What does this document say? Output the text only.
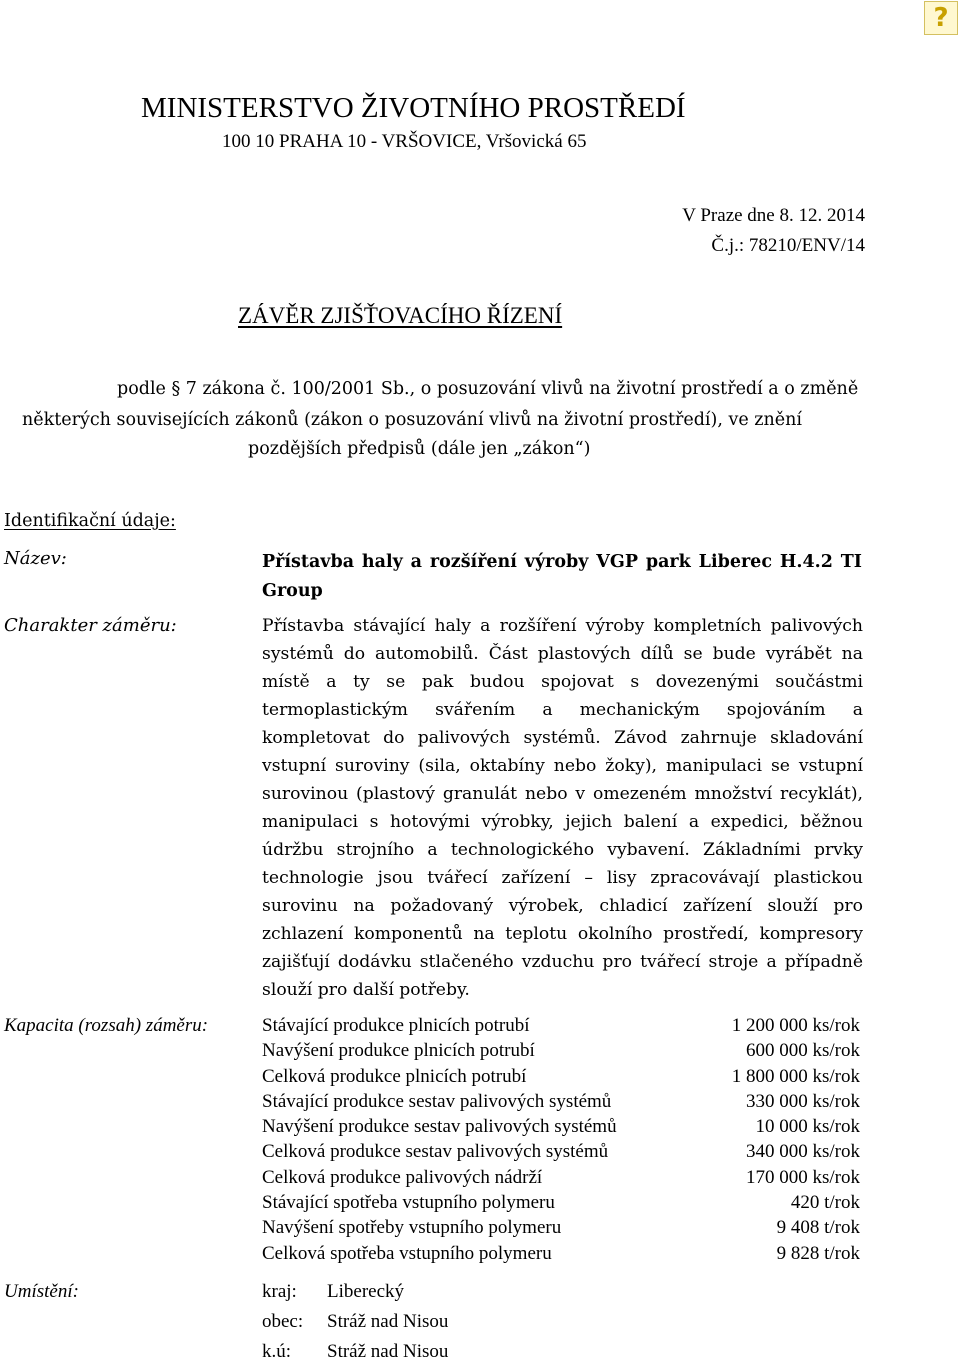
?
MINISTERSTVO ŽIVOTNÍHO PROSTŘEDÍ
100 10 PRAHA 10 - VRŠOVICE, Vršovická 65
V Praze dne 8. 12. 2014
Č.j.: 78210/ENV/14
ZÁVĚR ZJIŠŤOVACÍHO ŘÍZENÍ
podle § 7 zákona č. 100/2001 Sb., o posuzování vlivů na životní prostředí a o změně
některých souvisejících zákonů (zákon o posuzování vlivů na životní prostředí), ve znění
pozdějších předpisů (dále jen „zákon“)
Identifikační údaje:
Název:	Přístavba haly a rozšíření výroby VGP park Liberec H.4.2 TI Group
Charakter záměru:	Přístavba stávající haly a rozšíření výroby kompletních palivových systémů do automobilů. Část plastových dílů se bude vyrábět na místě a ty se pak budou spojovat s dovezenými součástmi termoplastickým svářením a mechanickým spojováním a kompletovat do palivových systémů. Závod zahrnuje skladování vstupní suroviny (sila, oktabíny nebo žoky), manipulaci se vstupní surovinou (plastový granulát nebo v omezeném množství recyklát), manipulaci s hotovými výrobky, jejich balení a expedici, běžnou údržbu strojního a technologického vybavení. Základními prvky technologie jsou tvářecí zařízení – lisy zpracovávají plastickou surovinu na požadovaný výrobek, chladicí zařízení slouží pro zchlazení komponentů na teplotu okolního prostředí, kompresory zajišťují dodávku stlačeného vzduchu pro tvářecí stroje a případně slouží pro další potřeby.
Kapacita (rozsah) záměru:	Stávající produkce plnicích potrubí	1 200 000 ks/rok
Navýšení produkce plnicích potrubí	600 000 ks/rok
Celková produkce plnicích potrubí	1 800 000 ks/rok
Stávající produkce sestav palivových systémů	330 000 ks/rok
Navýšení produkce sestav palivových systémů	10 000 ks/rok
Celková produkce sestav palivových systémů	340 000 ks/rok
Celková produkce palivových nádrží	170 000 ks/rok
Stávající spotřeba vstupního polymeru	420 t/rok
Navýšení spotřeby vstupního polymeru	9 408 t/rok
Celková spotřeba vstupního polymeru	9 828 t/rok
Umístění:	kraj:	Liberecký
obec:	Stráž nad Nisou
k.ú:	Stráž nad Nisou
